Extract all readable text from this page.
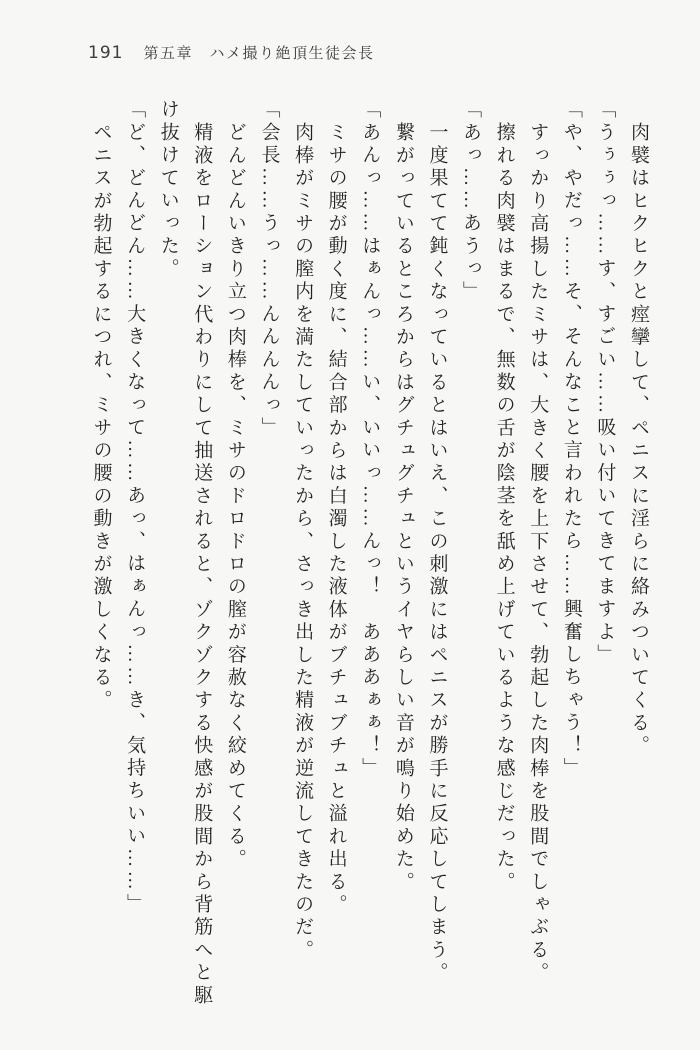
191 第五章　ハメ撮り絶頂生徒会長

肉襞はヒクヒクと痙攣して、ペニスに淫らに絡みついてくる。

「うぅぅっ……す、すごい……吸い付いてきてますよ」

「や、やだっ……そ、そんなこと言われたら……興奮しちゃう！」

すっかり高揚したミサは、大きく腰を上下させて、勃起した肉棒を股間でしゃぶる。

擦れる肉襞はまるで、無数の舌が陰茎を舐め上げているような感じだった。

「あっ……あうっ」

一度果てて鈍くなっているとはいえ、この刺激にはペニスが勝手に反応してしまう。

繋がっているところからはグチュグチュというイヤらしい音が鳴り始めた。

「あんっ……はぁんっ……い、いいっ……んっ！　あああぁぁ！」

ミサの腰が動く度に、結合部からは白濁した液体がブチュブチュと溢れ出る。

肉棒がミサの膣内を満たしていったから、さっき出した精液が逆流してきたのだ。

「会長……うっ……んんんんっ」

どんどんいきり立つ肉棒を、ミサのドロドロの膣が容赦なく絞めてくる。

精液をローション代わりにして抽送されると、ゾクゾクする快感が股間から背筋へと駆

け抜けていった。

「ど、どんどん……大きくなって……あっ、はぁんっ……き、気持ちいい……」

ペニスが勃起するにつれ、ミサの腰の動きが激しくなる。
